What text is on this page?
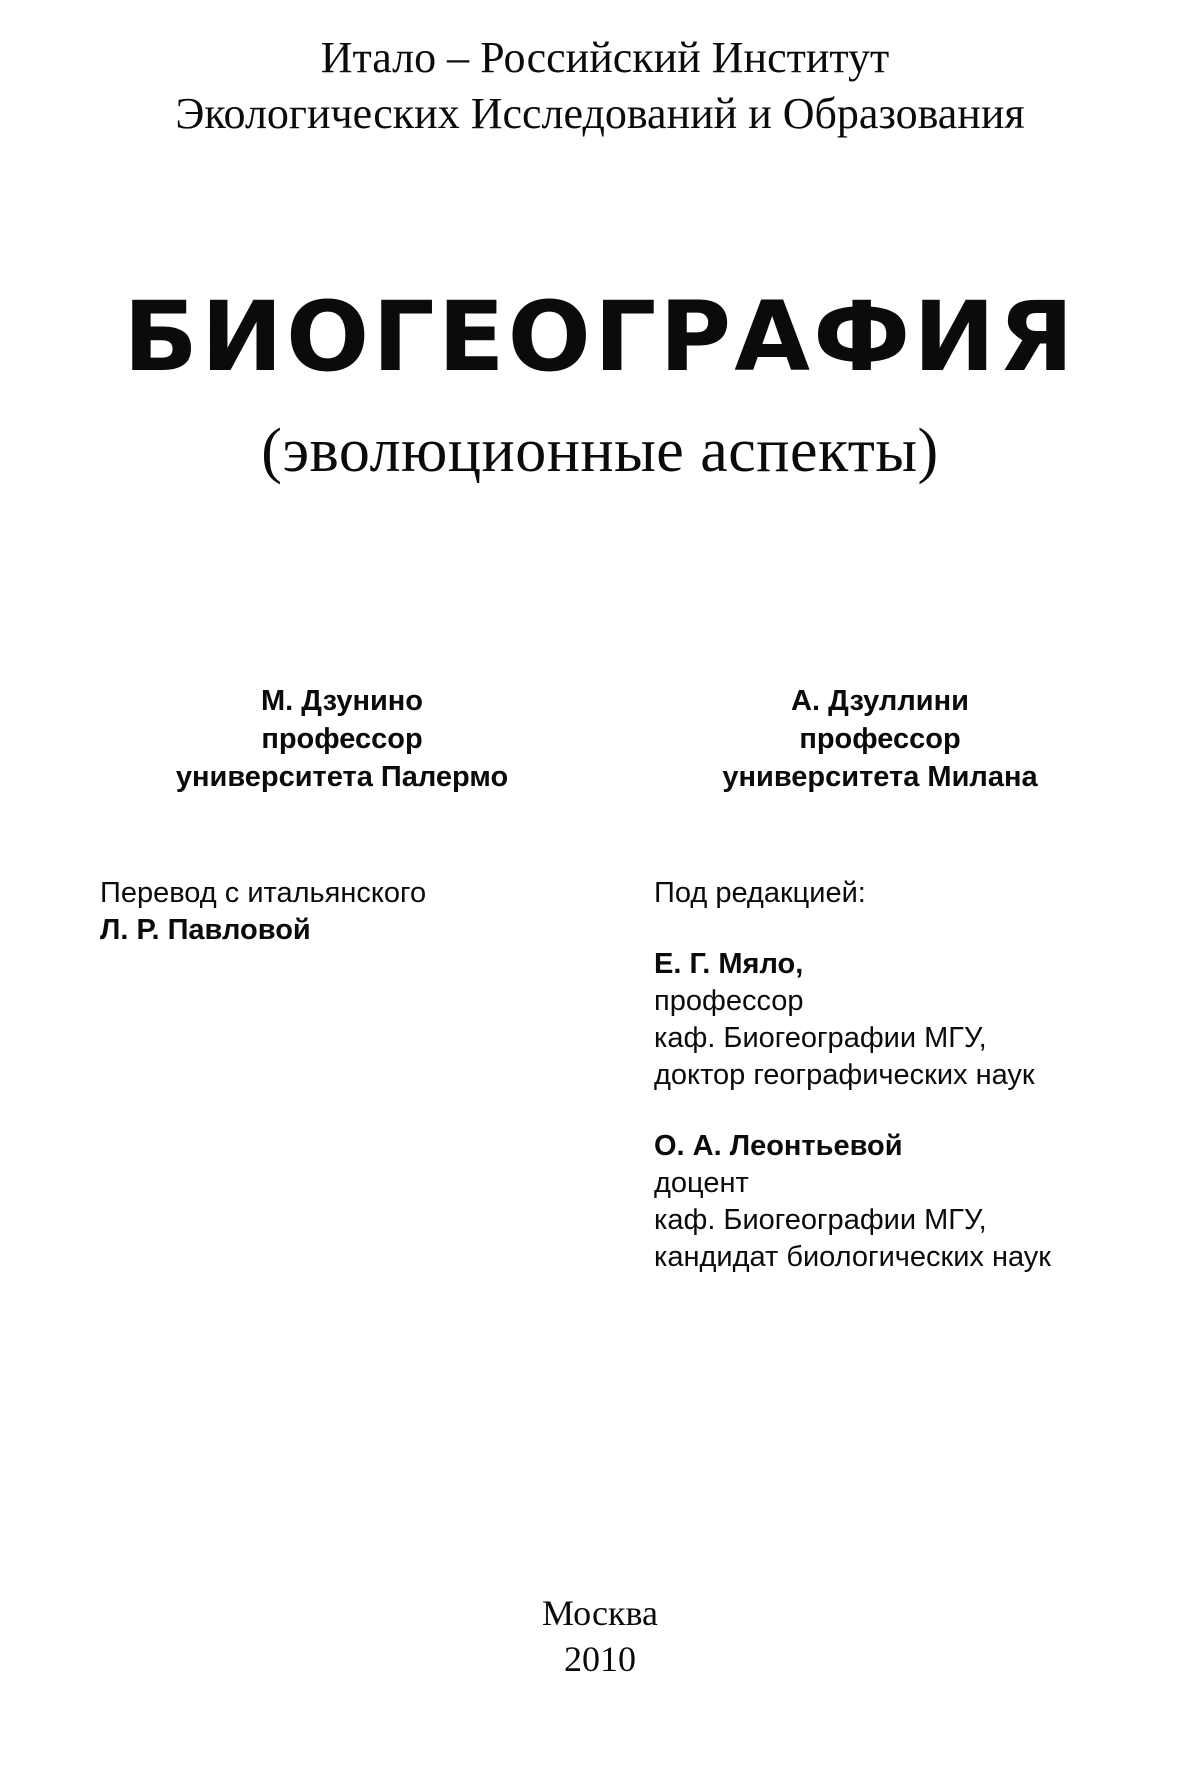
Итало – Российский Институт
Экологических Исследований и Образования
БИОГЕОГРАФИЯ
(эволюционные аспекты)
М. Дзунино
профессор
университета Палермо
А. Дзуллини
профессор
университета Милана
Перевод с итальянского
Л. Р. Павловой
Под редакцией:
Е. Г. Мяло,
профессор
каф. Биогеографии МГУ,
доктор географических наук
О. А. Леонтьевой
доцент
каф. Биогеографии МГУ,
кандидат биологических наук
Москва
2010
